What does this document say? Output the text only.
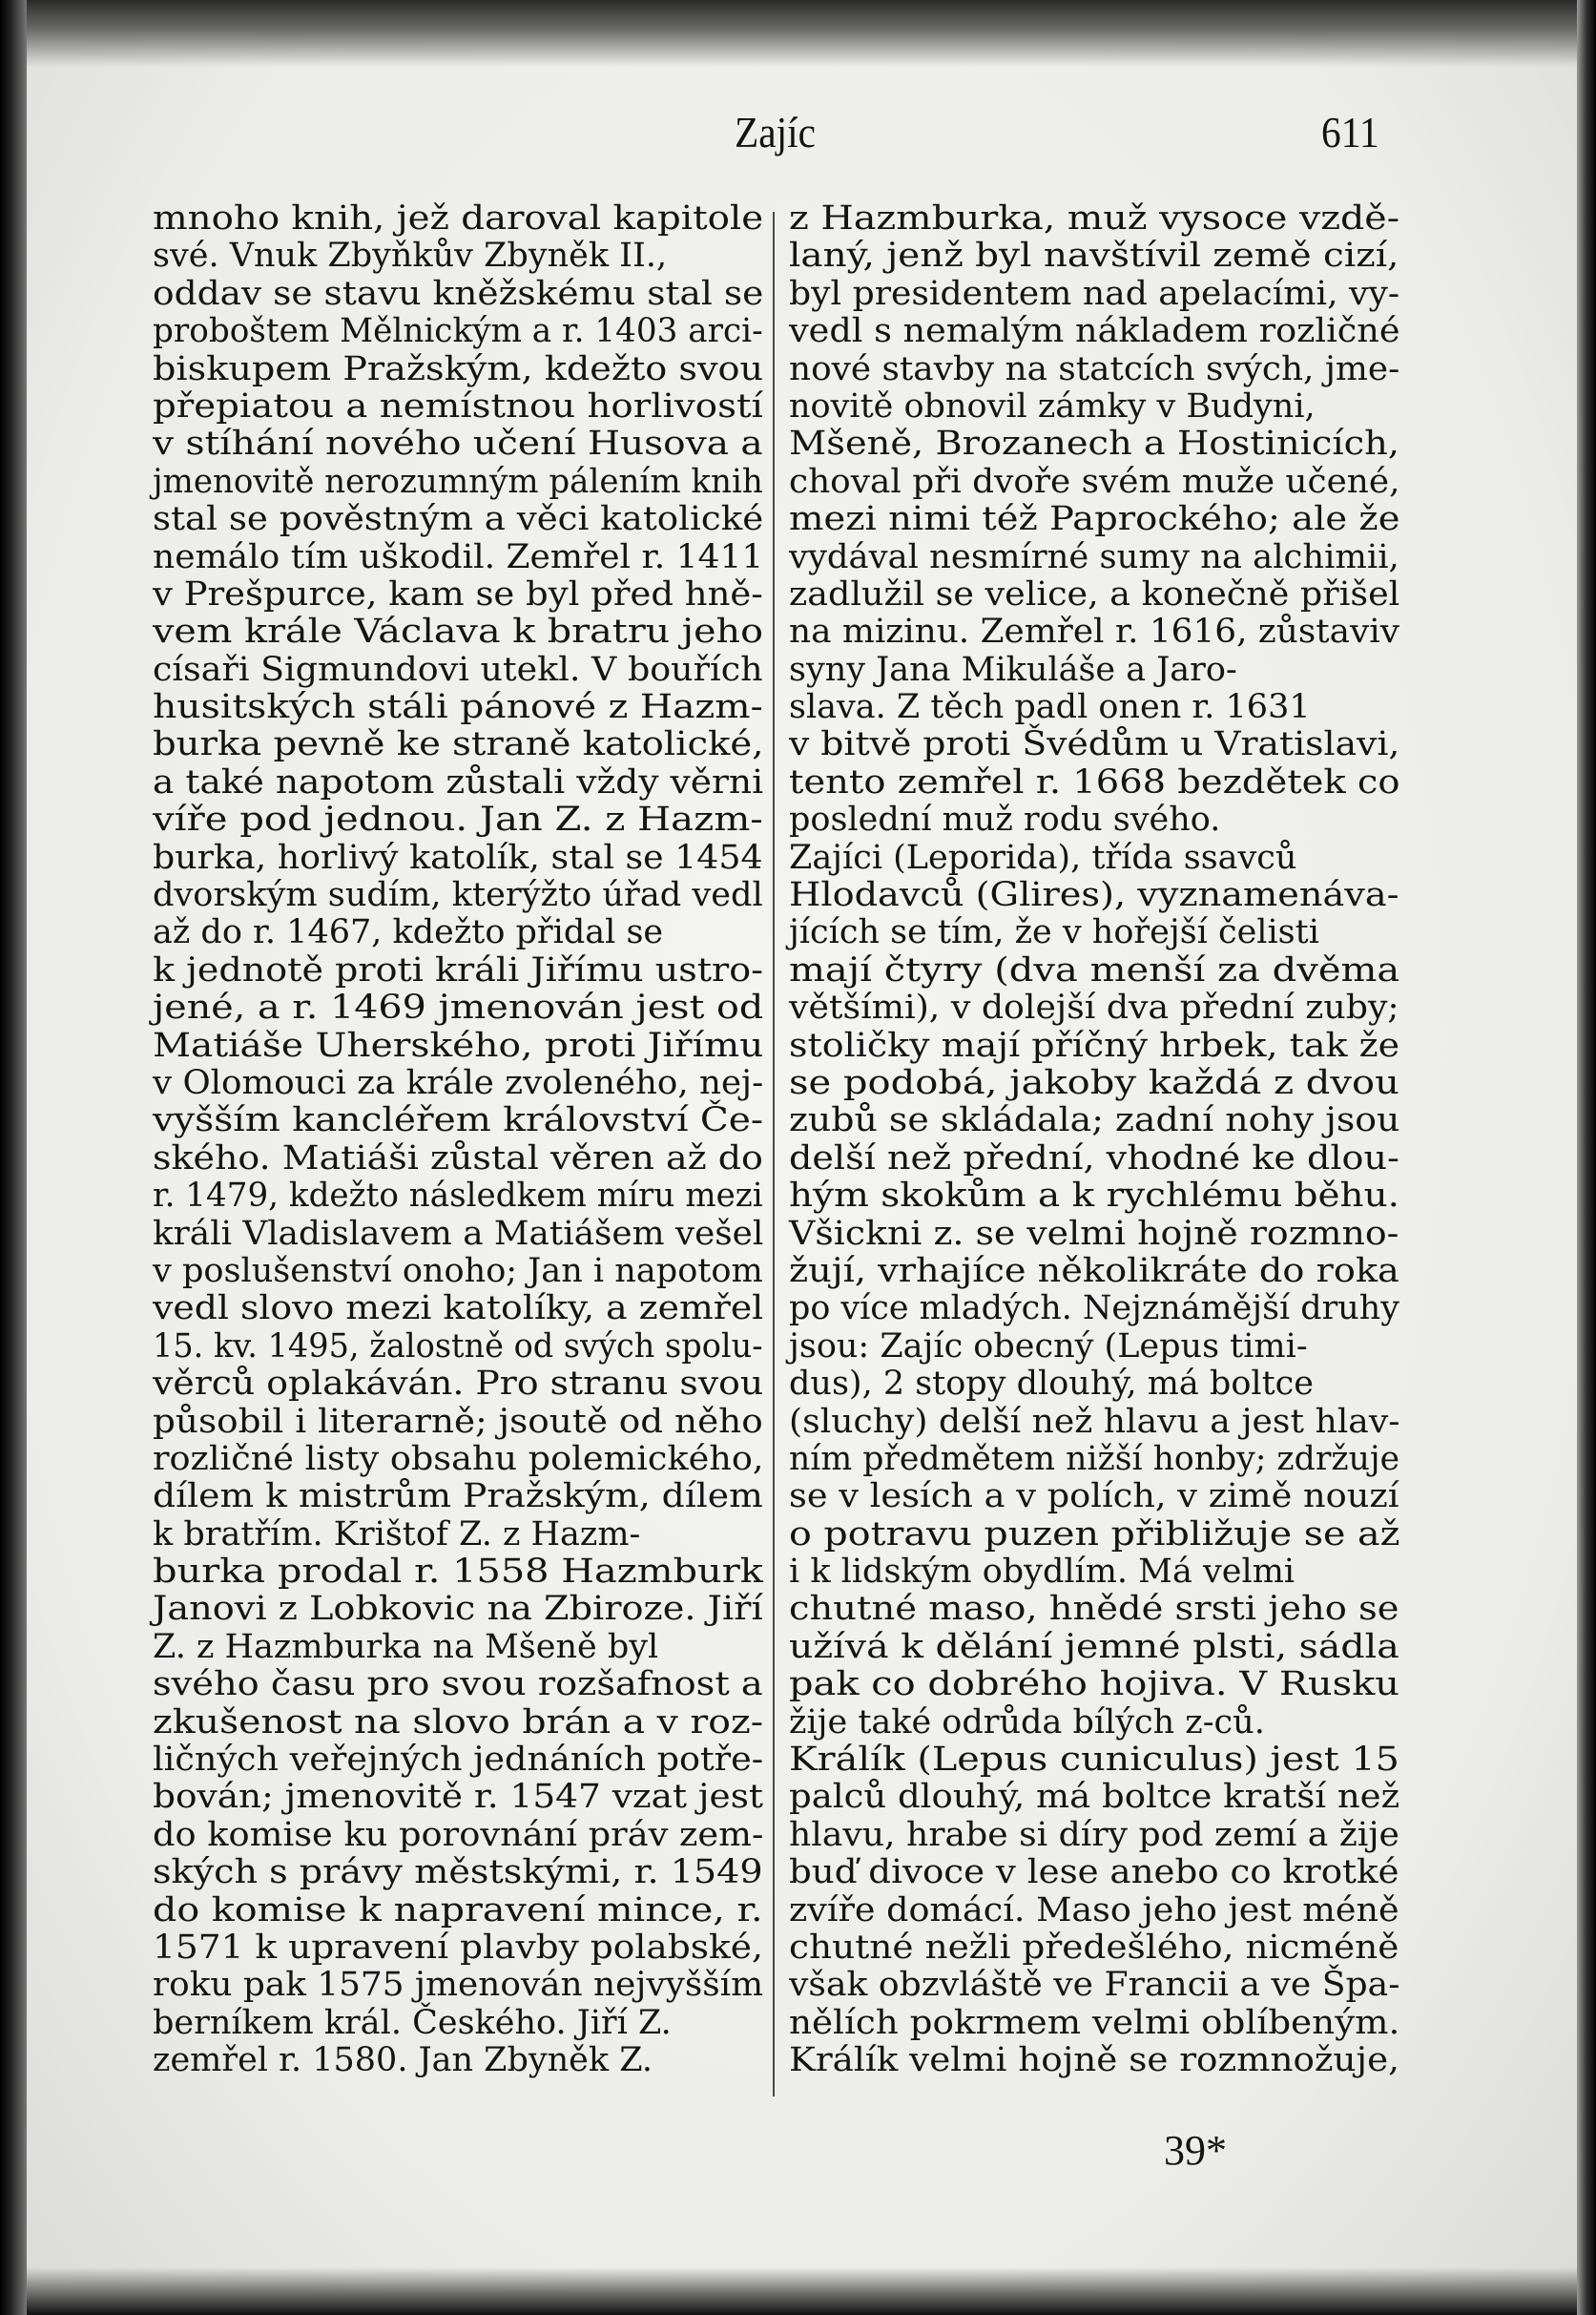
Zajíc	611
mnoho knih, jež daroval kapitole
své. Vnuk Zbyňkův Zbyněk II.,
oddav se stavu kněžskému stal se
proboštem Mělnickým a r. 1403 arci-
biskupem Pražským, kdežto svou
přepiatou a nemístnou horlivostí
v stíhání nového učení Husova a
jmenovitě nerozumným pálením knih
stal se pověstným a věci katolické
nemálo tím uškodil. Zemřel r. 1411
v Prešpurce, kam se byl před hně-
vem krále Václava k bratru jeho
císaři Sigmundovi utekl. V bouřích
husitských stáli pánové z Hazm-
burka pevně ke straně katolické,
a také napotom zůstali vždy věrni
víře pod jednou. Jan Z. z Hazm-
burka, horlivý katolík, stal se 1454
dvorským sudím, kterýžto úřad vedl
až do r. 1467, kdežto přidal se
k jednotě proti králi Jiřímu ustro-
jené, a r. 1469 jmenován jest od
Matiáše Uherského, proti Jiřímu
v Olomouci za krále zvoleného, nej-
vyšším kancléřem království Če-
ského. Matiáši zůstal věren až do
r. 1479, kdežto následkem míru mezi
králi Vladislavem a Matiášem vešel
v poslušenství onoho; Jan i napotom
vedl slovo mezi katolíky, a zemřel
15. kv. 1495, žalostně od svých spolu-
věrců oplakáván. Pro stranu svou
působil i literarně; jsoutě od něho
rozličné listy obsahu polemického,
dílem k mistrům Pražským, dílem
k bratřím. Krištof Z. z Hazm-
burka prodal r. 1558 Hazmburk
Janovi z Lobkovic na Zbiroze. Jiří
Z. z Hazmburka na Mšeně byl
svého času pro svou rozšafnost a
zkušenost na slovo brán a v roz-
ličných veřejných jednáních potře-
bován; jmenovitě r. 1547 vzat jest
do komise ku porovnání práv zem-
ských s právy městskými, r. 1549
do komise k napravení mince, r.
1571 k upravení plavby polabské,
roku pak 1575 jmenován nejvyšším
berníkem král. Českého. Jiří Z.
zemřel r. 1580. Jan Zbyněk Z.
z Hazmburka, muž vysoce vzdě-
laný, jenž byl navštívil země cizí,
byl presidentem nad apelacími, vy-
vedl s nemalým nákladem rozličné
nové stavby na statcích svých, jme-
novitě obnovil zámky v Budyni,
Mšeně, Brozanech a Hostinicích,
choval při dvoře svém muže učené,
mezi nimi též Paprockého; ale že
vydával nesmírné sumy na alchimii,
zadlužil se velice, a konečně přišel
na mizinu. Zemřel r. 1616, zůstaviv
syny Jana Mikuláše a Jaro-
slava. Z těch padl onen r. 1631
v bitvě proti Švédům u Vratislavi,
tento zemřel r. 1668 bezdětek co
poslední muž rodu svého.
Zajíci (Leporida), třída ssavců
Hlodavců (Glires), vyznamenáva-
jících se tím, že v hořejší čelisti
mají čtyry (dva menší za dvěma
většími), v dolejší dva přední zuby;
stoličky mají příčný hrbek, tak že
se podobá, jakoby každá z dvou
zubů se skládala; zadní nohy jsou
delší než přední, vhodné ke dlou-
hým skokům a k rychlému běhu.
Všickni z. se velmi hojně rozmno-
žují, vrhajíce několikráte do roka
po více mladých. Nejznámější druhy
jsou: Zajíc obecný (Lepus timi-
dus), 2 stopy dlouhý, má boltce
(sluchy) delší než hlavu a jest hlav-
ním předmětem nižší honby; zdržuje
se v lesích a v polích, v zimě nouzí
o potravu puzen přibližuje se až
i k lidským obydlím. Má velmi
chutné maso, hnědé srsti jeho se
užívá k dělání jemné plsti, sádla
pak co dobrého hojiva. V Rusku
žije také odrůda bílých z-ců.
Králík (Lepus cuniculus) jest 15
palců dlouhý, má boltce kratší než
hlavu, hrabe si díry pod zemí a žije
buď divoce v lese anebo co krotké
zvíře domácí. Maso jeho jest méně
chutné nežli předešlého, nicméně
však obzvláště ve Francii a ve Špa-
nělích pokrmem velmi oblíbeným.
Králík velmi hojně se rozmnožuje,
39*
